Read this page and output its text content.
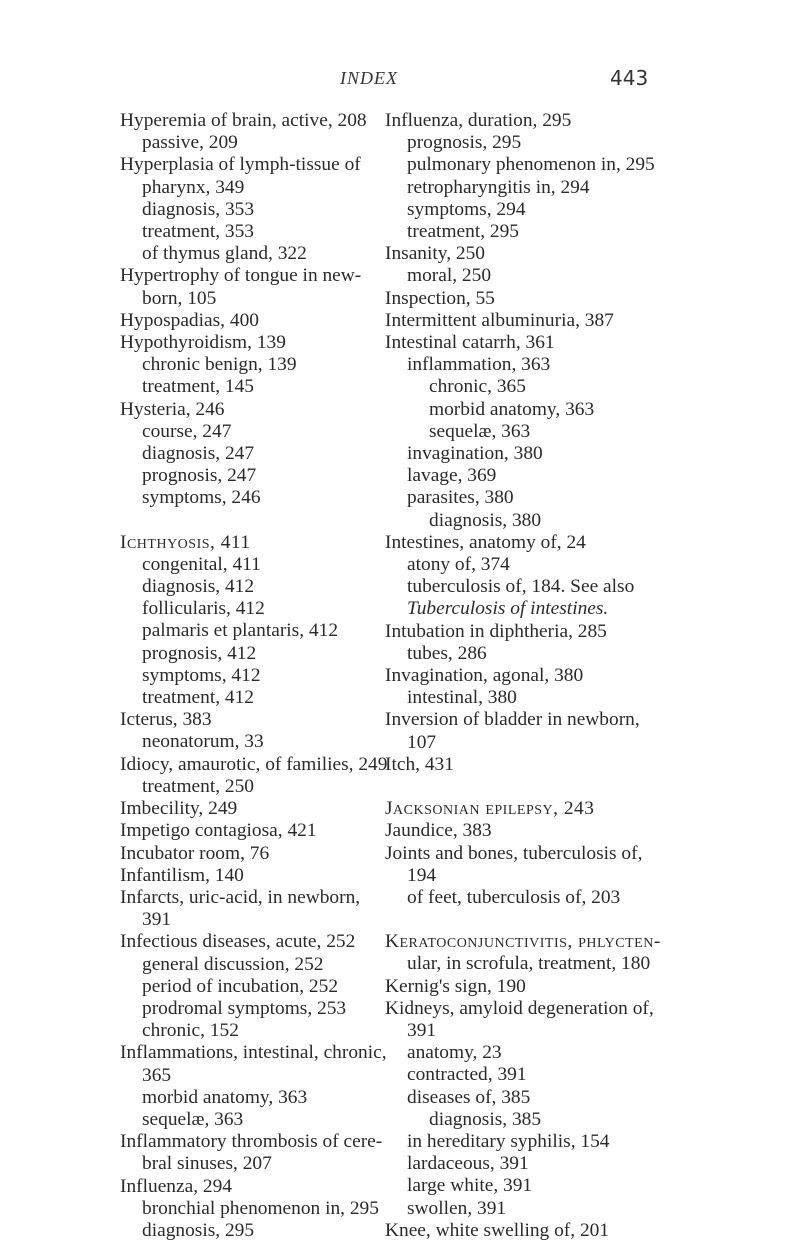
INDEX	443
Hyperemia of brain, active, 208
passive, 209
Hyperplasia of lymph-tissue of
pharynx, 349
diagnosis, 353
treatment, 353
of thymus gland, 322
Hypertrophy of tongue in new-
born, 105
Hypospadias, 400
Hypothyroidism, 139
chronic benign, 139
treatment, 145
Hysteria, 246
course, 247
diagnosis, 247
prognosis, 247
symptoms, 246
Ichthyosis, 411
congenital, 411
diagnosis, 412
follicularis, 412
palmaris et plantaris, 412
prognosis, 412
symptoms, 412
treatment, 412
Icterus, 383
neonatorum, 33
Idiocy, amaurotic, of families, 249
treatment, 250
Imbecility, 249
Impetigo contagiosa, 421
Incubator room, 76
Infantilism, 140
Infarcts, uric-acid, in newborn,
391
Infectious diseases, acute, 252
general discussion, 252
period of incubation, 252
prodromal symptoms, 253
chronic, 152
Inflammations, intestinal, chronic,
365
morbid anatomy, 363
sequelæ, 363
Inflammatory thrombosis of cere-
bral sinuses, 207
Influenza, 294
bronchial phenomenon in, 295
diagnosis, 295
Influenza, duration, 295
prognosis, 295
pulmonary phenomenon in, 295
retropharyngitis in, 294
symptoms, 294
treatment, 295
Insanity, 250
moral, 250
Inspection, 55
Intermittent albuminuria, 387
Intestinal catarrh, 361
inflammation, 363
chronic, 365
morbid anatomy, 363
sequelæ, 363
invagination, 380
lavage, 369
parasites, 380
diagnosis, 380
Intestines, anatomy of, 24
atony of, 374
tuberculosis of, 184. See also
Tuberculosis of intestines.
Intubation in diphtheria, 285
tubes, 286
Invagination, agonal, 380
intestinal, 380
Inversion of bladder in newborn,
107
Itch, 431
Jacksonian epilepsy, 243
Jaundice, 383
Joints and bones, tuberculosis of,
194
of feet, tuberculosis of, 203
Keratoconjunctivitis, phlycten-
ular, in scrofula, treatment, 180
Kernig's sign, 190
Kidneys, amyloid degeneration of,
391
anatomy, 23
contracted, 391
diseases of, 385
diagnosis, 385
in hereditary syphilis, 154
lardaceous, 391
large white, 391
swollen, 391
Knee, white swelling of, 201
